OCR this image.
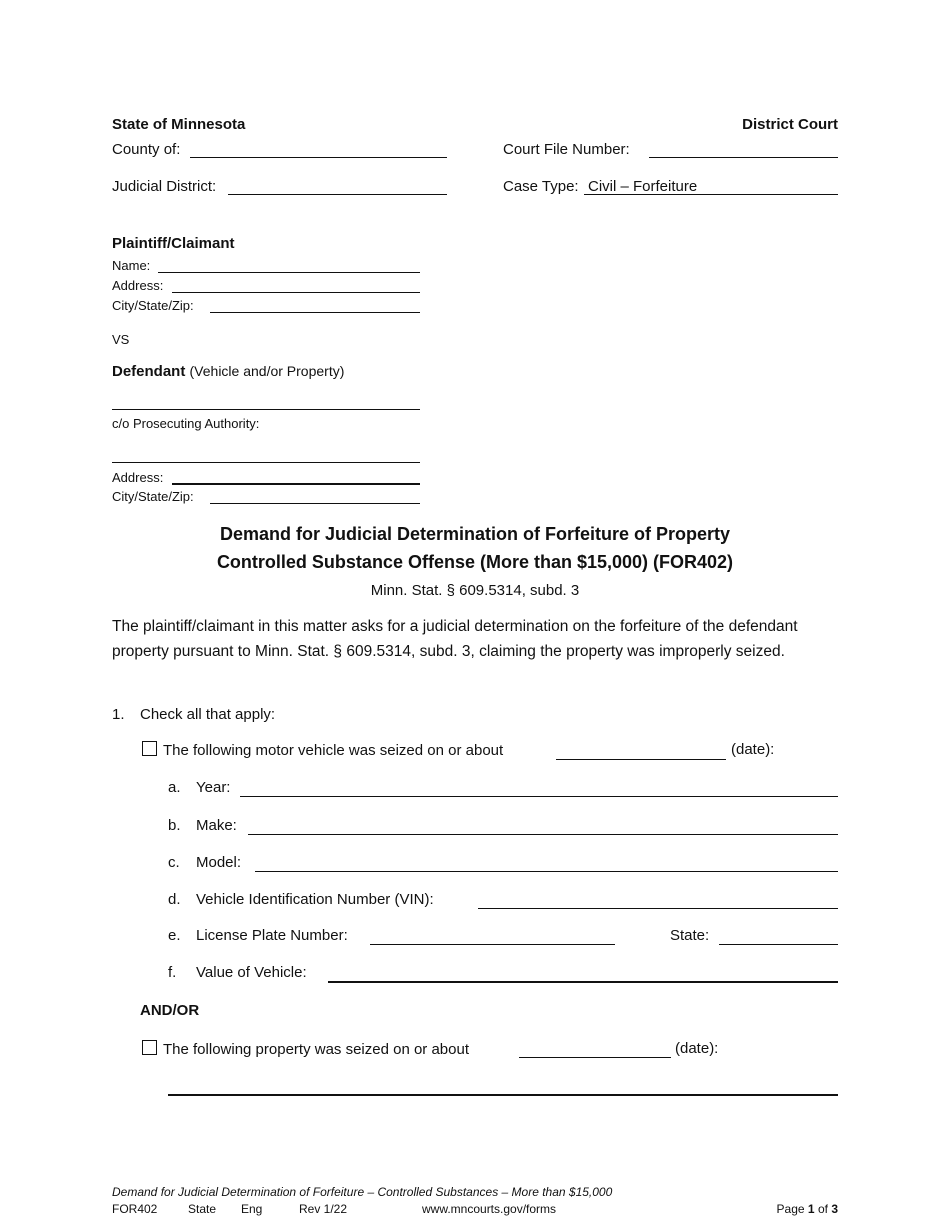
State of Minnesota	District Court
County of:	Court File Number:
Judicial District:	Case Type: Civil – Forfeiture
Plaintiff/Claimant
Name:
Address:
City/State/Zip:
VS
Defendant (Vehicle and/or Property)
c/o Prosecuting Authority:
Address:
City/State/Zip:
Demand for Judicial Determination of Forfeiture of Property
Controlled Substance Offense (More than $15,000) (FOR402)
Minn. Stat. § 609.5314, subd. 3
The plaintiff/claimant in this matter asks for a judicial determination on the forfeiture of the defendant property pursuant to Minn. Stat. § 609.5314, subd. 3, claiming the property was improperly seized.
1. Check all that apply:
The following motor vehicle was seized on or about	(date):
a. Year:
b. Make:
c. Model:
d. Vehicle Identification Number (VIN):
e. License Plate Number:	State:
f. Value of Vehicle:
AND/OR
The following property was seized on or about	(date):
Demand for Judicial Determination of Forfeiture – Controlled Substances – More than $15,000
FOR402	State Eng	Rev 1/22	www.mncourts.gov/forms	Page 1 of 3
